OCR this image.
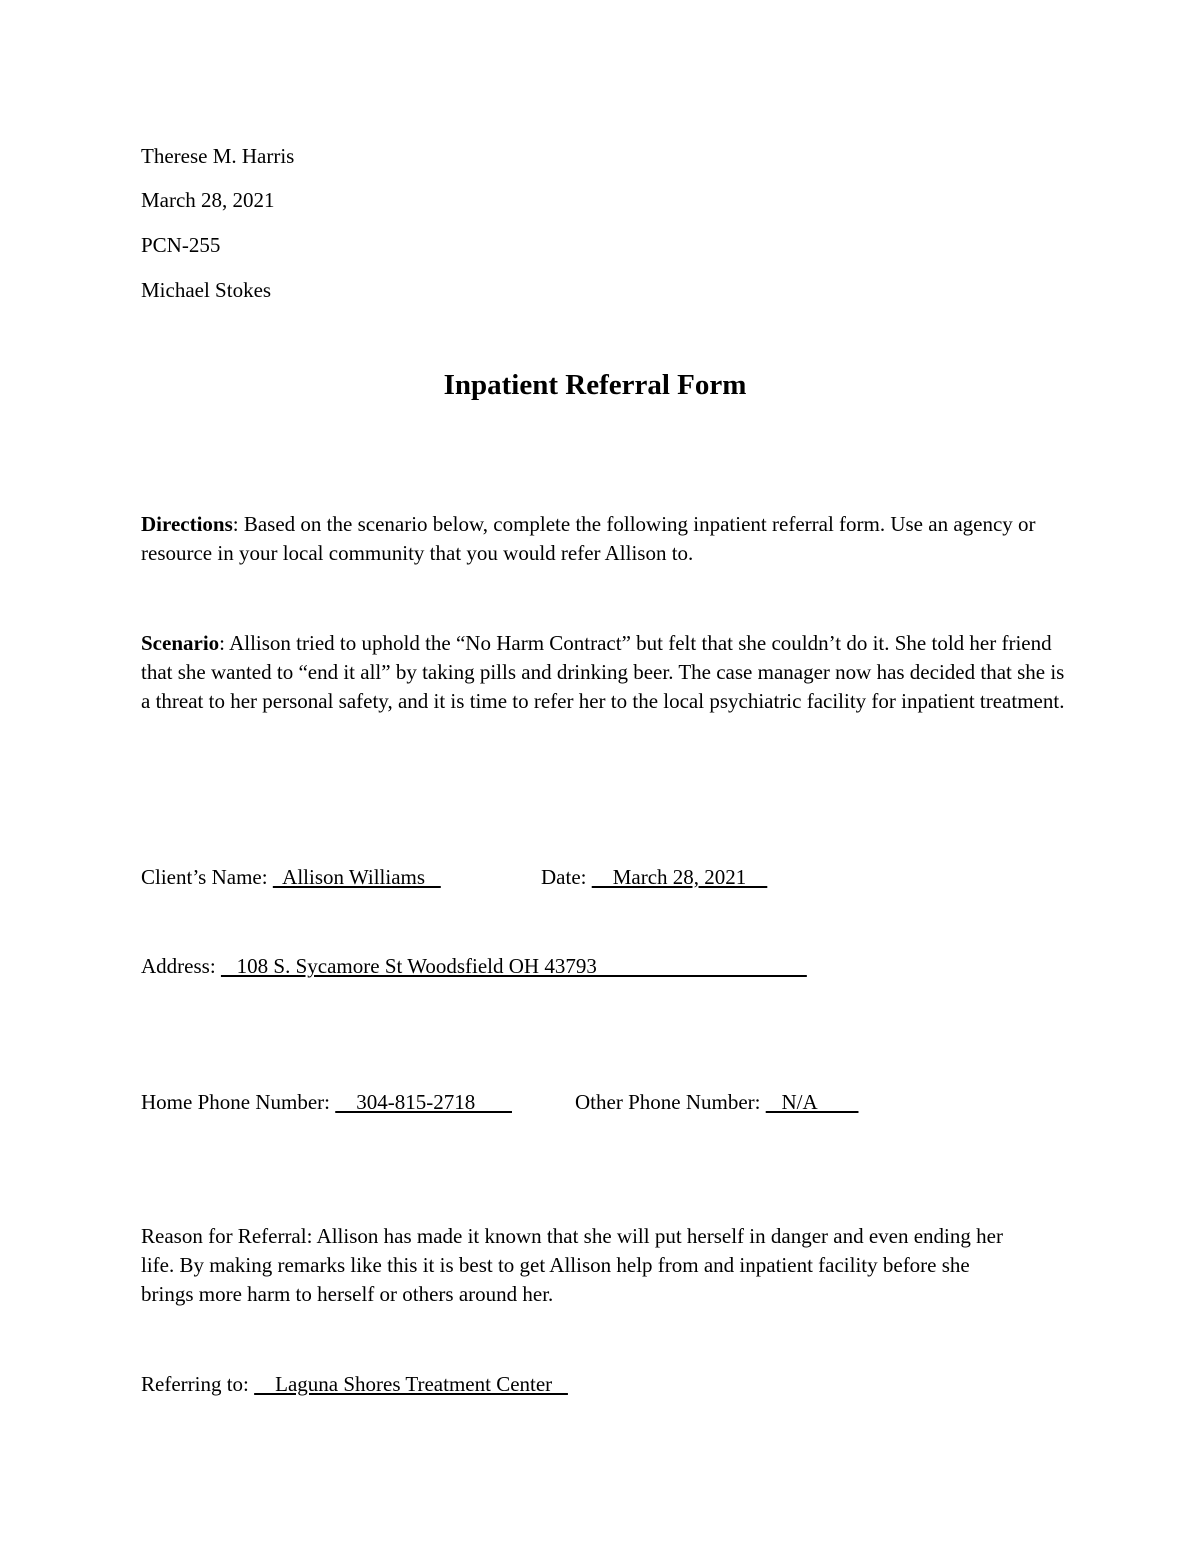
Therese M. Harris
March 28, 2021
PCN-255
Michael Stokes
Inpatient Referral Form
Directions: Based on the scenario below, complete the following inpatient referral form. Use an agency or resource in your local community that you would refer Allison to.
Scenario: Allison tried to uphold the “No Harm Contract” but felt that she couldn’t do it. She told her friend that she wanted to “end it all” by taking pills and drinking beer. The case manager now has decided that she is a threat to her personal safety, and it is time to refer her to the local psychiatric facility for inpatient treatment.
Client’s Name:   Allison Williams	Date:     March 28, 2021
Address:    108 S. Sycamore St Woodsfield OH 43793
Home Phone Number:     304-815-2718	Other Phone Number:    N/A
Reason for Referral: Allison has made it known that she will put herself in danger and even ending her life. By making remarks like this it is best to get Allison help from and inpatient facility before she brings more harm to herself or others around her.
Referring to:     Laguna Shores Treatment Center
